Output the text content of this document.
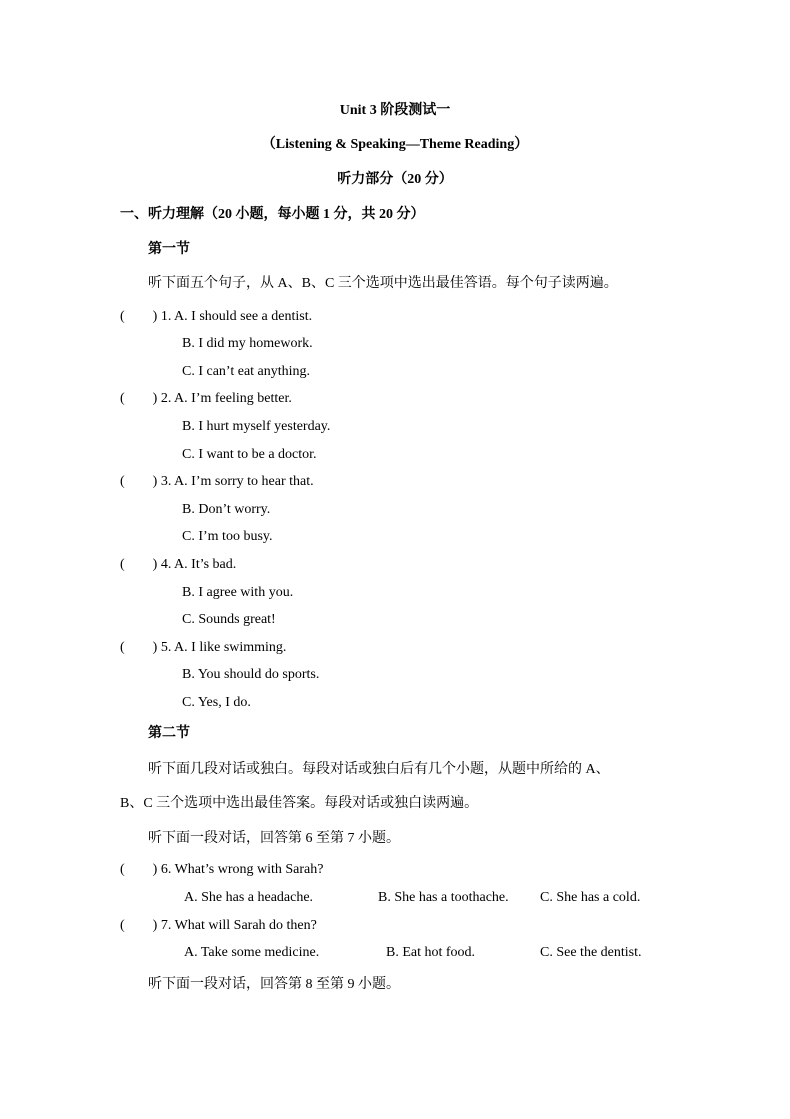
Unit 3 阶段测试一
（Listening & Speaking—Theme Reading）
听力部分（20 分）
一、听力理解（20 小题，每小题 1 分，共 20 分）
第一节
听下面五个句子，从 A、B、C 三个选项中选出最佳答语。每个句子读两遍。
(　　) 1. A. I should see a dentist.
B. I did my homework.
C. I can’t eat anything.
(　　) 2. A. I’m feeling better.
B. I hurt myself yesterday.
C. I want to be a doctor.
(　　) 3. A. I’m sorry to hear that.
B. Don’t worry.
C. I’m too busy.
(　　) 4. A. It’s bad.
B. I agree with you.
C. Sounds great!
(　　) 5. A. I like swimming.
B. You should do sports.
C. Yes, I do.
第二节
听下面几段对话或独白。每段对话或独白后有几个小题，从题中所给的 A、
B、C 三个选项中选出最佳答案。每段对话或独白读两遍。
听下面一段对话，回答第 6 至第 7 小题。
(　　) 6. What’s wrong with Sarah?
A. She has a headache.	B. She has a toothache. C. She has a cold.
(　　) 7. What will Sarah do then?
A. Take some medicine.	B. Eat hot food.	C. See the dentist.
听下面一段对话，回答第 8 至第 9 小题。
